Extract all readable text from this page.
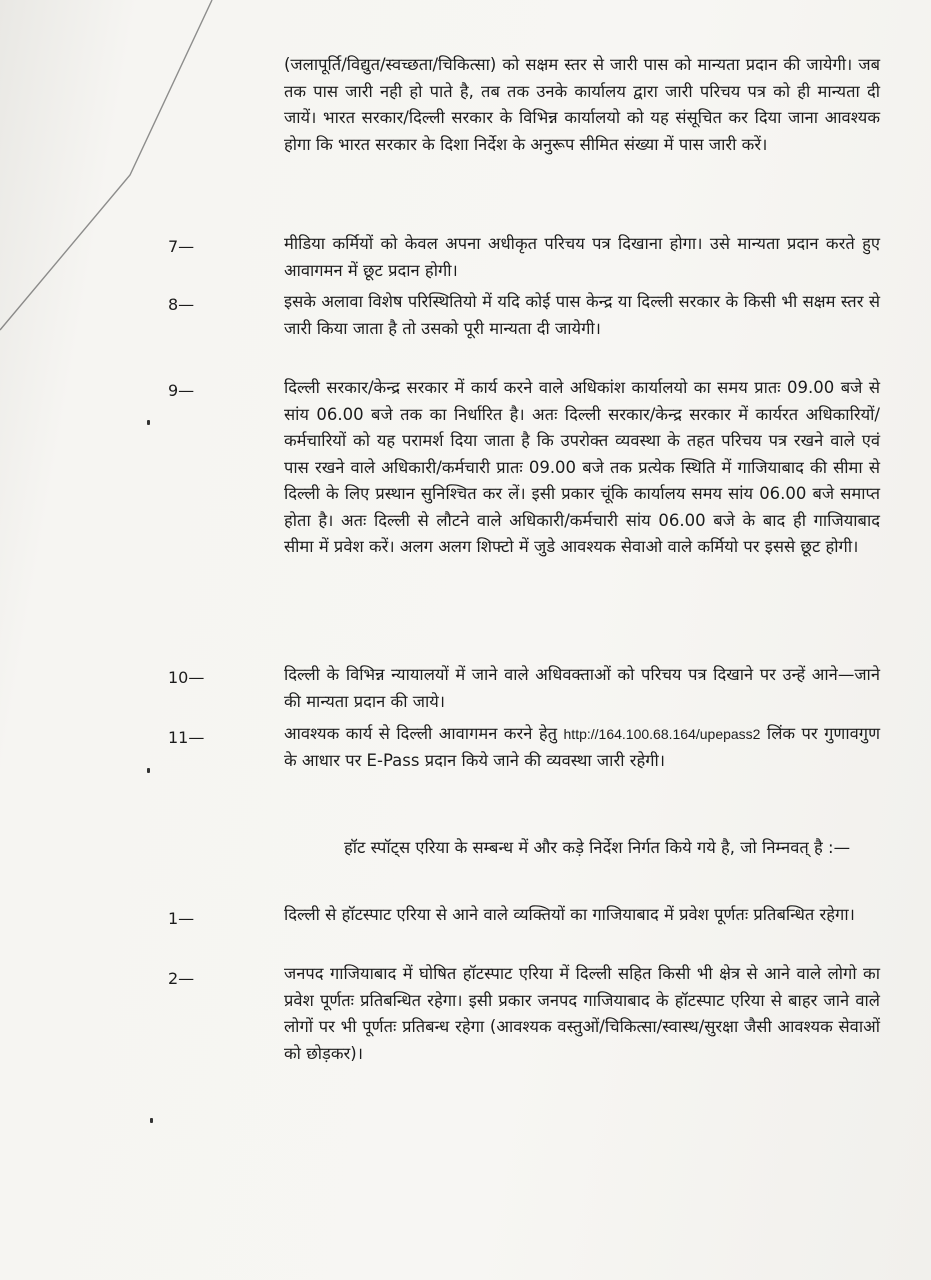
(जलापूर्ति/विद्युत/स्वच्छता/चिकित्सा) को सक्षम स्तर से जारी पास को मान्यता प्रदान की जायेगी। जब तक पास जारी नही हो पाते है, तब तक उनके कार्यालय द्वारा जारी परिचय पत्र को ही मान्यता दी जायें। भारत सरकार/दिल्ली सरकार के विभिन्न कार्यालयो को यह संसूचित कर दिया जाना आवश्यक होगा कि भारत सरकार के दिशा निर्देश के अनुरूप सीमित संख्या में पास जारी करें।
7—	मीडिया कर्मियों को केवल अपना अधीकृत परिचय पत्र दिखाना होगा। उसे मान्यता प्रदान करते हुए आवागमन में छूट प्रदान होगी।
8—	इसके अलावा विशेष परिस्थितियो में यदि कोई पास केन्द्र या दिल्ली सरकार के किसी भी सक्षम स्तर से जारी किया जाता है तो उसको पूरी मान्यता दी जायेगी।
9—	दिल्ली सरकार/केन्द्र सरकार में कार्य करने वाले अधिकांश कार्यालयो का समय प्रातः 09.00 बजे से सांय 06.00 बजे तक का निर्धारित है। अतः दिल्ली सरकार/केन्द्र सरकार में कार्यरत अधिकारियों/कर्मचारियों को यह परामर्श दिया जाता है कि उपरोक्त व्यवस्था के तहत परिचय पत्र रखने वाले एवं पास रखने वाले अधिकारी/कर्मचारी प्रातः 09.00 बजे तक प्रत्येक स्थिति में गाजियाबाद की सीमा से दिल्ली के लिए प्रस्थान सुनिश्चित कर लें। इसी प्रकार चूंकि कार्यालय समय सांय 06.00 बजे समाप्त होता है। अतः दिल्ली से लौटने वाले अधिकारी/कर्मचारी सांय 06.00 बजे के बाद ही गाजियाबाद सीमा में प्रवेश करें। अलग अलग शिफ्टो में जुडे आवश्यक सेवाओ वाले कर्मियो पर इससे छूट होगी।
10—	दिल्ली के विभिन्न न्यायालयों में जाने वाले अधिवक्ताओं को परिचय पत्र दिखाने पर उन्हें आने—जाने की मान्यता प्रदान की जाये।
11—	आवश्यक कार्य से दिल्ली आवागमन करने हेतु http://164.100.68.164/upepass2 लिंक पर गुणावगुण के आधार पर E-Pass प्रदान किये जाने की व्यवस्था जारी रहेगी।
हॉट स्पॉट्स एरिया के सम्बन्ध में और कड़े निर्देश निर्गत किये गये है, जो निम्नवत् है :—
1—	दिल्ली से हॉटस्पाट एरिया से आने वाले व्यक्तियों का गाजियाबाद में प्रवेश पूर्णतः प्रतिबन्धित रहेगा।
2—	जनपद गाजियाबाद में घोषित हॉटस्पाट एरिया में दिल्ली सहित किसी भी क्षेत्र से आने वाले लोगो का प्रवेश पूर्णतः प्रतिबन्धित रहेगा। इसी प्रकार जनपद गाजियाबाद के हॉटस्पाट एरिया से बाहर जाने वाले लोगों पर भी पूर्णतः प्रतिबन्ध रहेगा (आवश्यक वस्तुओं/चिकित्सा/स्वास्थ/सुरक्षा जैसी आवश्यक सेवाओं को छोड़कर)।
